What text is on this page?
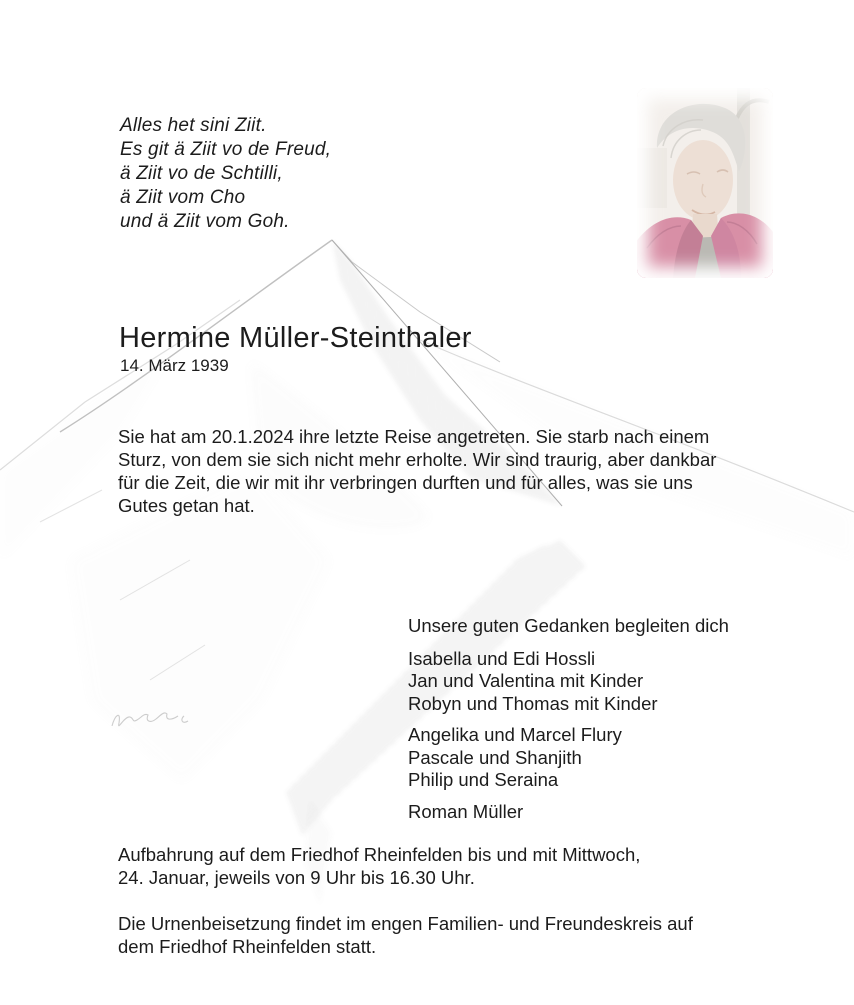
Alles het sini Ziit.
Es git ä Ziit vo de Freud,
ä Ziit vo de Schtilli,
ä Ziit vom Cho
und ä Ziit vom Goh.
Hermine Müller-Steinthaler
14. März 1939
Sie hat am 20.1.2024 ihre letzte Reise angetreten. Sie starb nach einem
Sturz, von dem sie sich nicht mehr erholte. Wir sind traurig, aber dankbar
für die Zeit, die wir mit ihr verbringen durften und für alles, was sie uns
Gutes getan hat.
Unsere guten Gedanken begleiten dich
Isabella und Edi Hossli
Jan und Valentina mit Kinder
Robyn und Thomas mit Kinder
Angelika und Marcel Flury
Pascale und Shanjith
Philip und Seraina
Roman Müller
Aufbahrung auf dem Friedhof Rheinfelden bis und mit Mittwoch,
24. Januar, jeweils von 9 Uhr bis 16.30 Uhr.
Die Urnenbeisetzung findet im engen Familien- und Freundeskreis auf
dem Friedhof Rheinfelden statt.
